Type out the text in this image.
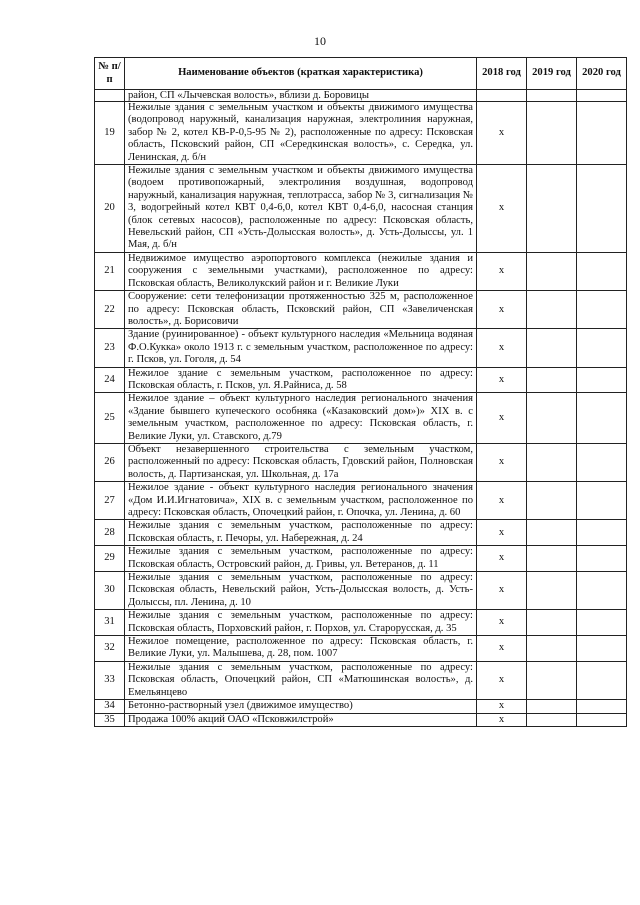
10
№ п/п	Наименование объектов (краткая характеристика)	2018 год	2019 год	2020 год
	район, СП «Лычевская волость», вблизи д. Боровицы			
19	Нежилые здания с земельным участком и объекты движимого имущества (водопровод наружный, канализация наружная, электролиния наружная, забор № 2, котел КВ-Р-0,5-95 № 2), расположенные по адресу: Псковская область, Псковский район, СП «Середкинская волость», с. Середка, ул. Ленинская, д. б/н	x		
20	Нежилые здания с земельным участком и объекты движимого имущества (водоем противопожарный, электролиния воздушная, водопровод наружный, канализация наружная, теплотрасса, забор № 3, сигнализация № 3, водогрейный котел КВТ 0,4-6,0, котел КВТ 0,4-6,0, насосная станция (блок сетевых насосов), расположенные по адресу: Псковская область, Невельский район, СП «Усть-Долысская волость», д. Усть-Долыссы, ул. 1 Мая, д. б/н	x		
21	Недвижимое имущество аэропортового комплекса (нежилые здания и сооружения с земельными участками), расположенное по адресу: Псковская область, Великолукский район и г. Великие Луки	x		
22	Сооружение: сети телефонизации протяженностью 325 м, расположенное по адресу: Псковская область, Псковский район, СП «Завеличенская волость», д. Борисовичи	x		
23	Здание (руинированное) - объект культурного наследия «Мельница водяная Ф.О.Кукка» около 1913 г. с земельным участком, расположенное по адресу: г. Псков, ул. Гоголя, д. 54	x		
24	Нежилое здание с земельным участком, расположенное по адресу: Псковская область, г. Псков, ул. Я.Райниса, д. 58	x		
25	Нежилое здание – объект культурного наследия регионального значения «Здание бывшего купеческого особняка («Казаковский дом»)» XIX в. с земельным участком, расположенное по адресу: Псковская область, г. Великие Луки, ул. Ставского, д.79	x		
26	Объект незавершенного строительства с земельным участком, расположенный по адресу: Псковская область, Гдовский район, Полновская волость, д. Партизанская, ул. Школьная, д. 17а	x		
27	Нежилое здание - объект культурного наследия регионального значения «Дом И.И.Игнатовича», XIX в. с земельным участком, расположенное по адресу: Псковская область, Опочецкий район, г. Опочка, ул. Ленина, д. 60	x		
28	Нежилые здания с земельным участком, расположенные по адресу: Псковская область, г. Печоры, ул. Набережная, д. 24	x		
29	Нежилые здания с земельным участком, расположенные по адресу: Псковская область, Островский район, д. Гривы, ул. Ветеранов, д. 11	x		
30	Нежилые здания с земельным участком, расположенные по адресу: Псковская область, Невельский район, Усть-Долысская волость, д. Усть-Долыссы, пл. Ленина, д. 10	x		
31	Нежилые здания с земельным участком, расположенные по адресу: Псковская область, Порховский район, г. Порхов, ул. Старорусская, д. 35	x		
32	Нежилое помещение, расположенное по адресу: Псковская область, г. Великие Луки, ул. Малышева, д. 28, пом. 1007	x		
33	Нежилые здания с земельным участком, расположенные по адресу: Псковская область, Опочецкий район, СП «Матюшинская волость», д. Емельянцево	x		
34	Бетонно-растворный узел (движимое имущество)	x		
35	Продажа 100% акций ОАО «Псковжилстрой»	x		
